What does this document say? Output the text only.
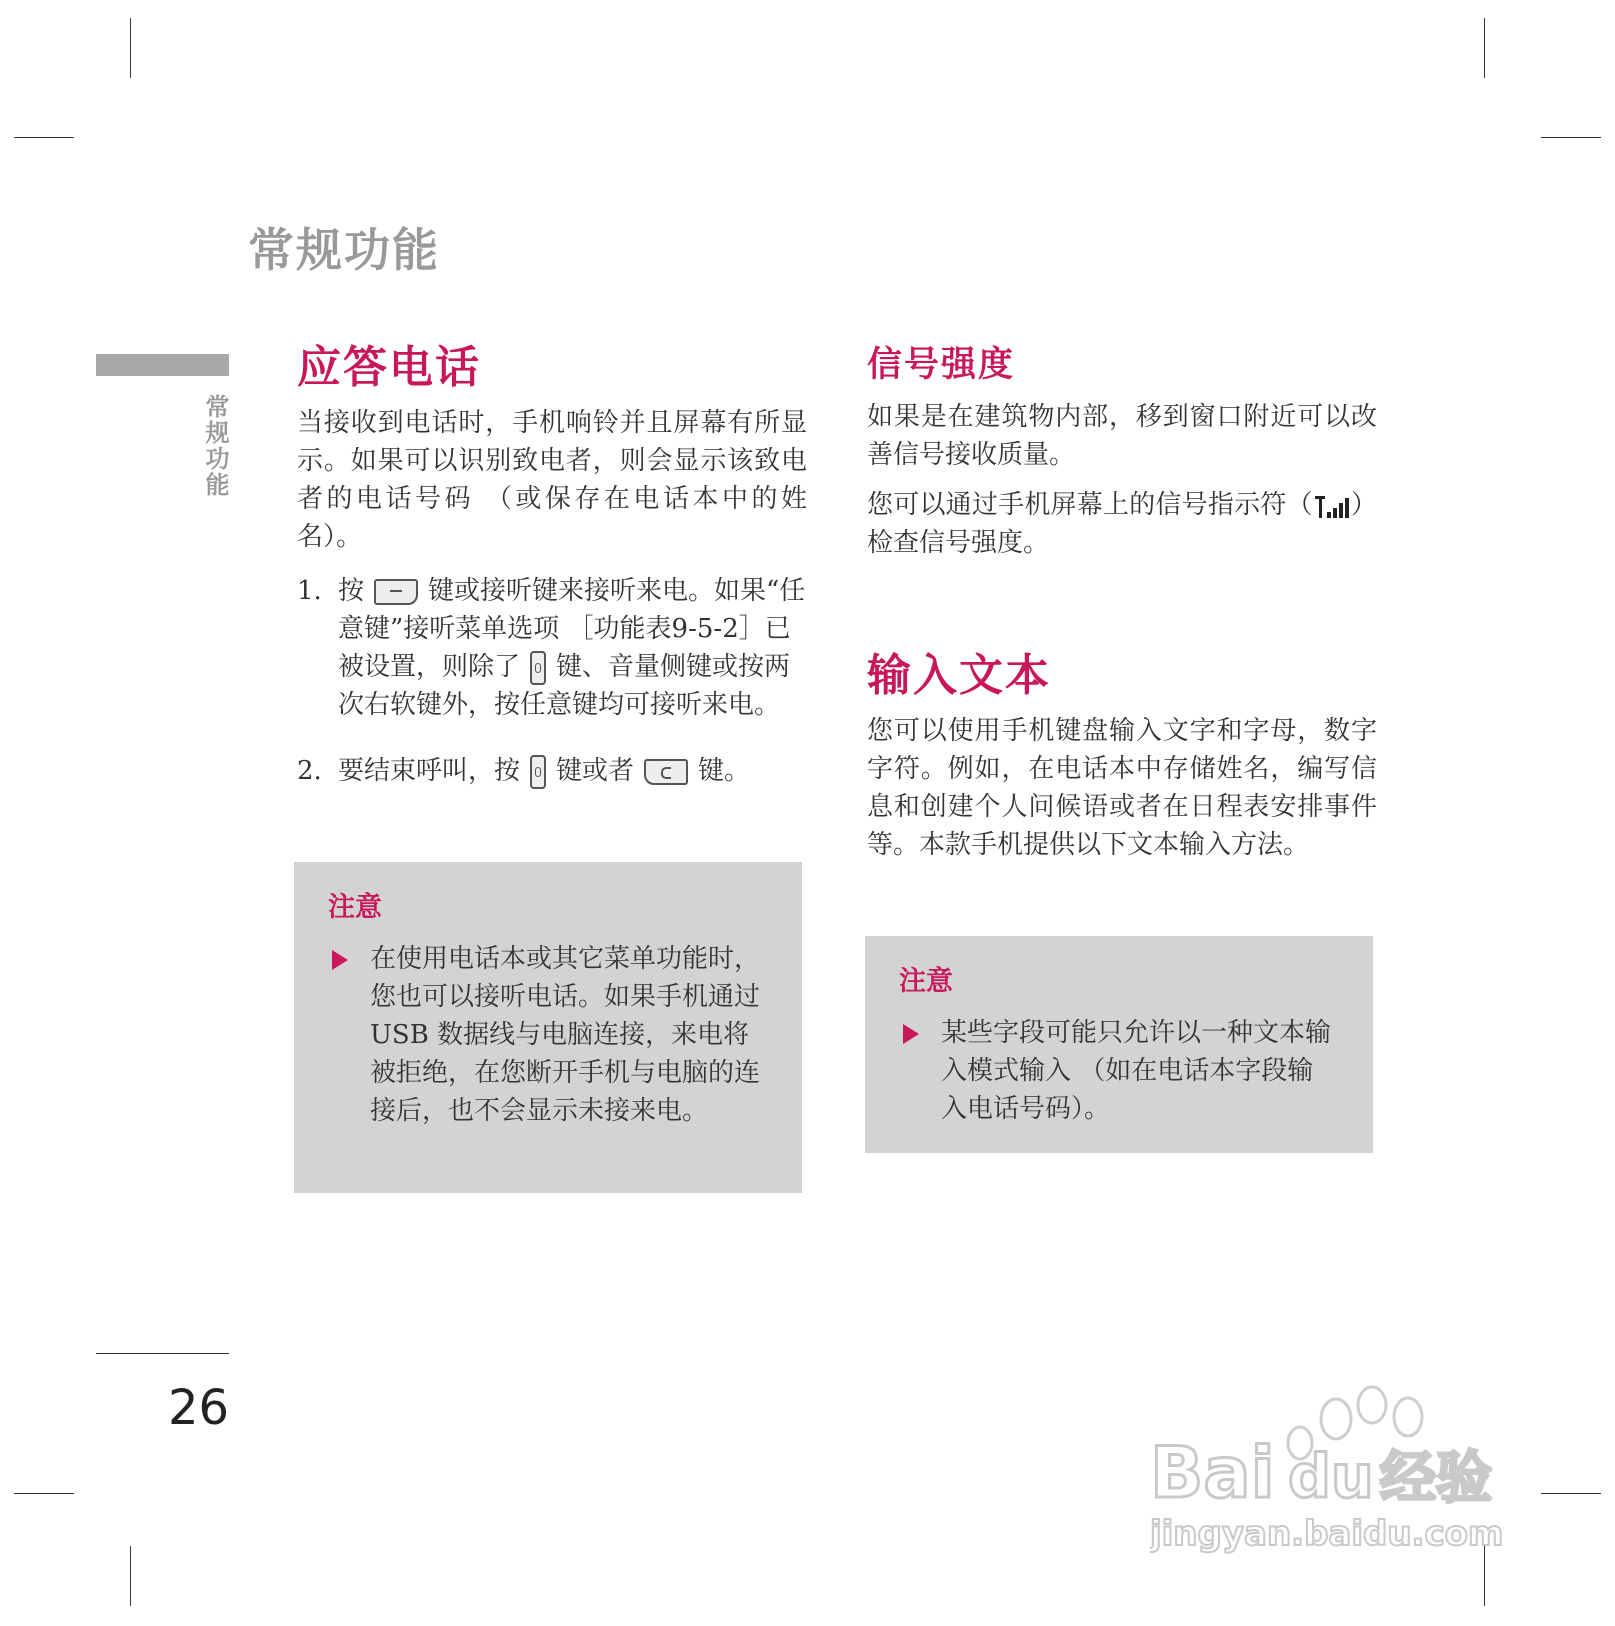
常规功能
常规功能
26
应答电话

当接收到电话时，手机响铃并且屏幕有所显示。如果可以识别致电者，则会显示该致电者的电话号码 （或保存在电话本中的姓名）。

1. 按 键或接听键来接听来电。如果“任意键”接听菜单选项 ［功能表9-5-2］已被设置，则除了 键、音量侧键或按两次右软键外，按任意键均可接听来电。
2. 要结束呼叫，按 键或者 键。
注意
在使用电话本或其它菜单功能时，您也可以接听电话。如果手机通过 USB 数据线与电脑连接，来电将被拒绝，在您断开手机与电脑的连接后，也不会显示未接来电。
信号强度

如果是在建筑物内部，移到窗口附近可以改善信号接收质量。

您可以通过手机屏幕上的信号指示符（ ）检查信号强度。

输入文本

您可以使用手机键盘输入文字和字母，数字字符。例如，在电话本中存储姓名，编写信息和创建个人问候语或者在日程表安排事件等。本款手机提供以下文本输入方法。

注意
某些字段可能只允许以一种文本输入模式输入 （如在电话本字段输入电话号码）。
Bai du 经验
jingyan.baidu.com
